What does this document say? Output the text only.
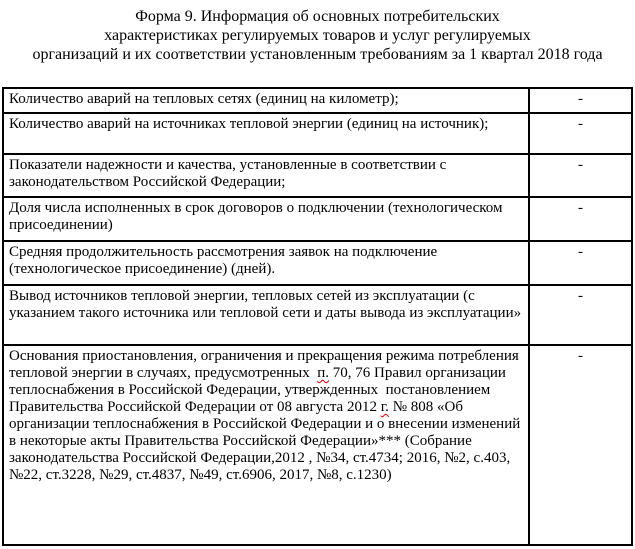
Форма 9. Информация об основных потребительских
характеристиках регулируемых товаров и услуг регулируемых
организаций и их соответствии установленным требованиям за 1 квартал 2018 года
Количество аварий на тепловых сетях (единиц на километр);	-
Количество аварий на источниках тепловой энергии (единиц на источник);	-
Показатели надежности и качества, установленные в соответствии с законодательством Российской Федерации;	-
Доля числа исполненных в срок договоров о подключении (технологическом присоединении)	-
Средняя продолжительность рассмотрения заявок на подключение (технологическое присоединение) (дней).	-
Вывод источников тепловой энергии, тепловых сетей из эксплуатации (с указанием такого источника или тепловой сети и даты вывода из эксплуатации»	-
Основания приостановления, ограничения и прекращения режима потребления тепловой энергии в случаях, предусмотренных  п. 70, 76 Правил организации теплоснабжения в Российской Федерации, утвержденных  постановлением Правительства Российской Федерации от 08 августа 2012 г. № 808 «Об организации теплоснабжения в Российской Федерации и о внесении изменений в некоторые акты Правительства Российской Федерации»*** (Собрание законодательства Российской Федерации,2012 , №34, ст.4734; 2016, №2, с.403, №22, ст.3228, №29, ст.4837, №49, ст.6906, 2017, №8, с.1230)	-
